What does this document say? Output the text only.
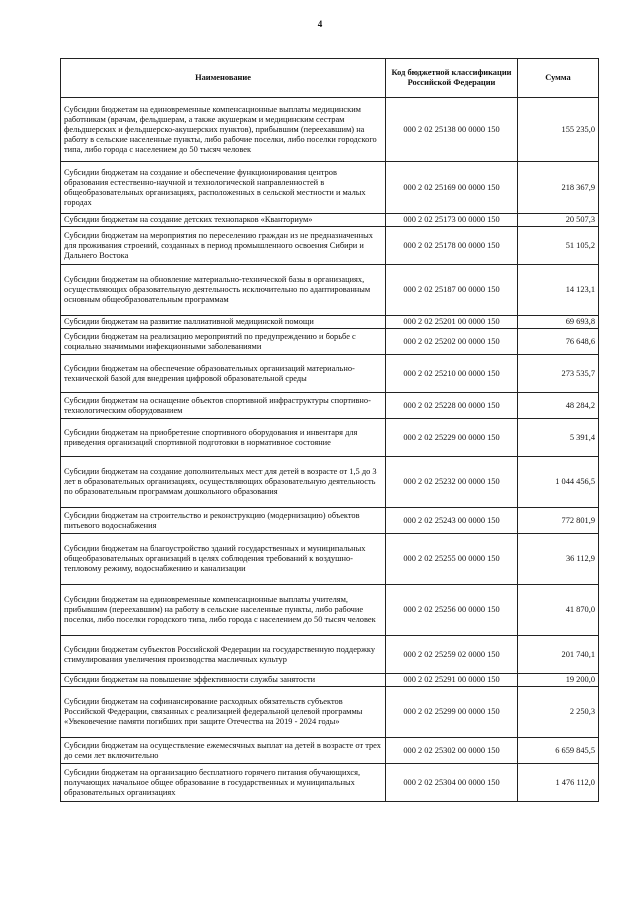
4
Наименование	Код бюджетной классификации Российской Федерации	Сумма
Субсидии бюджетам на единовременные компенсационные выплаты медицинским работникам (врачам, фельдшерам, а также акушеркам и медицинским сестрам фельдшерских и фельдшерско-акушерских пунктов), прибывшим (переехавшим) на работу в сельские населенные пункты, либо рабочие поселки, либо поселки городского типа, либо города с населением до 50 тысяч человек	000 2 02 25138 00 0000 150	155 235,0
Субсидии бюджетам на создание и обеспечение функционирования центров образования естественно-научной и технологической направленностей в общеобразовательных организациях, расположенных в сельской местности и малых городах	000 2 02 25169 00 0000 150	218 367,9
Субсидии бюджетам на создание детских технопарков «Кванториум»	000 2 02 25173 00 0000 150	20 507,3
Субсидии бюджетам на мероприятия по переселению граждан из не предназначенных для проживания строений, созданных в период промышленного освоения Сибири и Дальнего Востока	000 2 02 25178 00 0000 150	51 105,2
Субсидии бюджетам на обновление материально-технической базы в организациях, осуществляющих образовательную деятельность исключительно по адаптированным основным общеобразовательным программам	000 2 02 25187 00 0000 150	14 123,1
Субсидии бюджетам на развитие паллиативной медицинской помощи	000 2 02 25201 00 0000 150	69 693,8
Субсидии бюджетам на реализацию мероприятий по предупреждению и борьбе с социально значимыми инфекционными заболеваниями	000 2 02 25202 00 0000 150	76 648,6
Субсидии бюджетам на обеспечение образовательных организаций материально-технической базой для внедрения цифровой образовательной среды	000 2 02 25210 00 0000 150	273 535,7
Субсидии бюджетам на оснащение объектов спортивной инфраструктуры спортивно-технологическим оборудованием	000 2 02 25228 00 0000 150	48 284,2
Субсидии бюджетам на приобретение спортивного оборудования и инвентаря для приведения организаций спортивной подготовки в нормативное состояние	000 2 02 25229 00 0000 150	5 391,4
Субсидии бюджетам на создание дополнительных мест для детей в возрасте от 1,5 до 3 лет в образовательных организациях, осуществляющих образовательную деятельность по образовательным программам дошкольного образования	000 2 02 25232 00 0000 150	1 044 456,5
Субсидии бюджетам на строительство и реконструкцию (модернизацию) объектов питьевого водоснабжения	000 2 02 25243 00 0000 150	772 801,9
Субсидии бюджетам на благоустройство зданий государственных и муниципальных общеобразовательных организаций в целях соблюдения требований к воздушно-тепловому режиму, водоснабжению и канализации	000 2 02 25255 00 0000 150	36 112,9
Субсидии бюджетам на единовременные компенсационные выплаты учителям, прибывшим (переехавшим) на работу в сельские населенные пункты, либо рабочие поселки, либо поселки городского типа, либо города с населением до 50 тысяч человек	000 2 02 25256 00 0000 150	41 870,0
Субсидии бюджетам субъектов Российской Федерации на государственную поддержку стимулирования увеличения производства масличных культур	000 2 02 25259 02 0000 150	201 740,1
Субсидии бюджетам на повышение эффективности службы занятости	000 2 02 25291 00 0000 150	19 200,0
Субсидии бюджетам на софинансирование расходных обязательств субъектов Российской Федерации, связанных с реализацией федеральной целевой программы «Увековечение памяти погибших при защите Отечества на 2019 - 2024 годы»	000 2 02 25299 00 0000 150	2 250,3
Субсидии бюджетам на осуществление ежемесячных выплат на детей в возрасте от трех до семи лет включительно	000 2 02 25302 00 0000 150	6 659 845,5
Субсидии бюджетам на организацию бесплатного горячего питания обучающихся, получающих начальное общее образование в государственных и муниципальных образовательных организациях	000 2 02 25304 00 0000 150	1 476 112,0
